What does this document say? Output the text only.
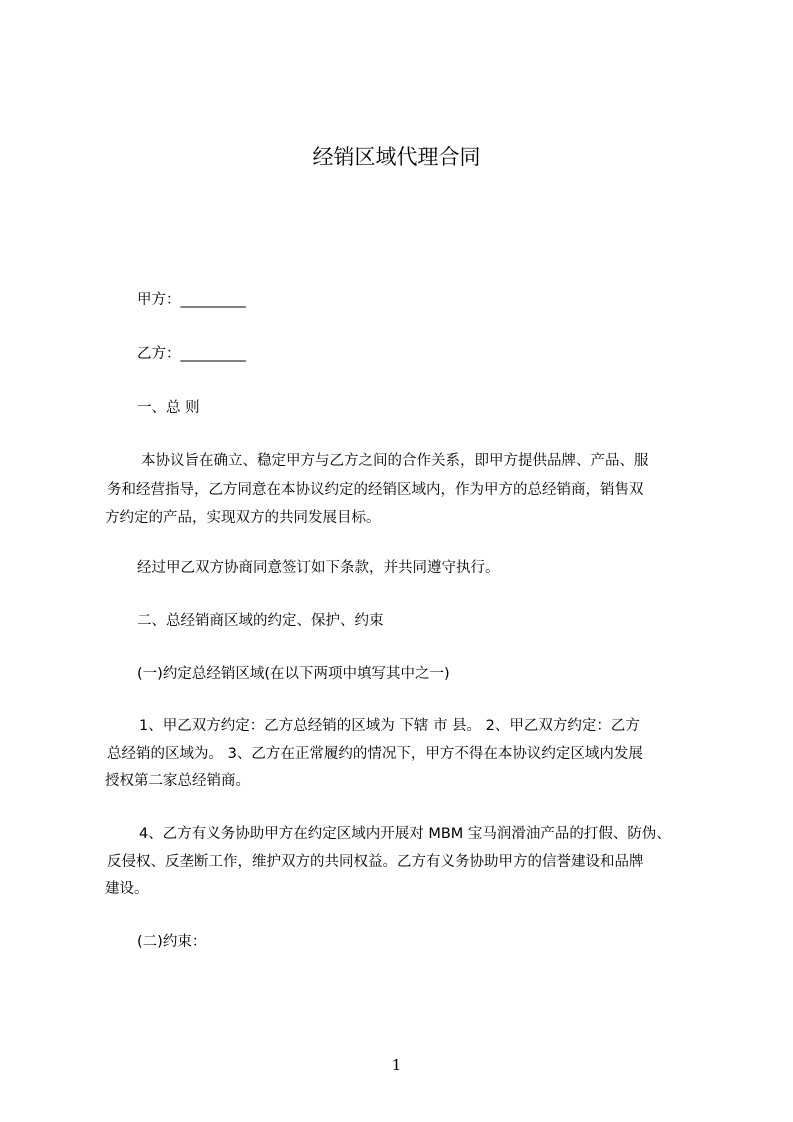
经销区域代理合同
甲方：_________
乙方：_________
一、总 则
本协议旨在确立、稳定甲方与乙方之间的合作关系，即甲方提供品牌、产品、服
务和经营指导，乙方同意在本协议约定的经销区域内，作为甲方的总经销商，销售双
方约定的产品，实现双方的共同发展目标。
经过甲乙双方协商同意签订如下条款，并共同遵守执行。
二、总经销商区域的约定、保护、约束
(一)约定总经销区域(在以下两项中填写其中之一)
1、甲乙双方约定：乙方总经销的区域为 下辖 市 县。 2、甲乙双方约定：乙方
总经销的区域为。 3、乙方在正常履约的情况下，甲方不得在本协议约定区域内发展
授权第二家总经销商。
4、乙方有义务协助甲方在约定区域内开展对 MBM 宝马润滑油产品的打假、防伪、
反侵权、反垄断工作，维护双方的共同权益。乙方有义务协助甲方的信誉建设和品牌
建设。
(二)约束：
1
